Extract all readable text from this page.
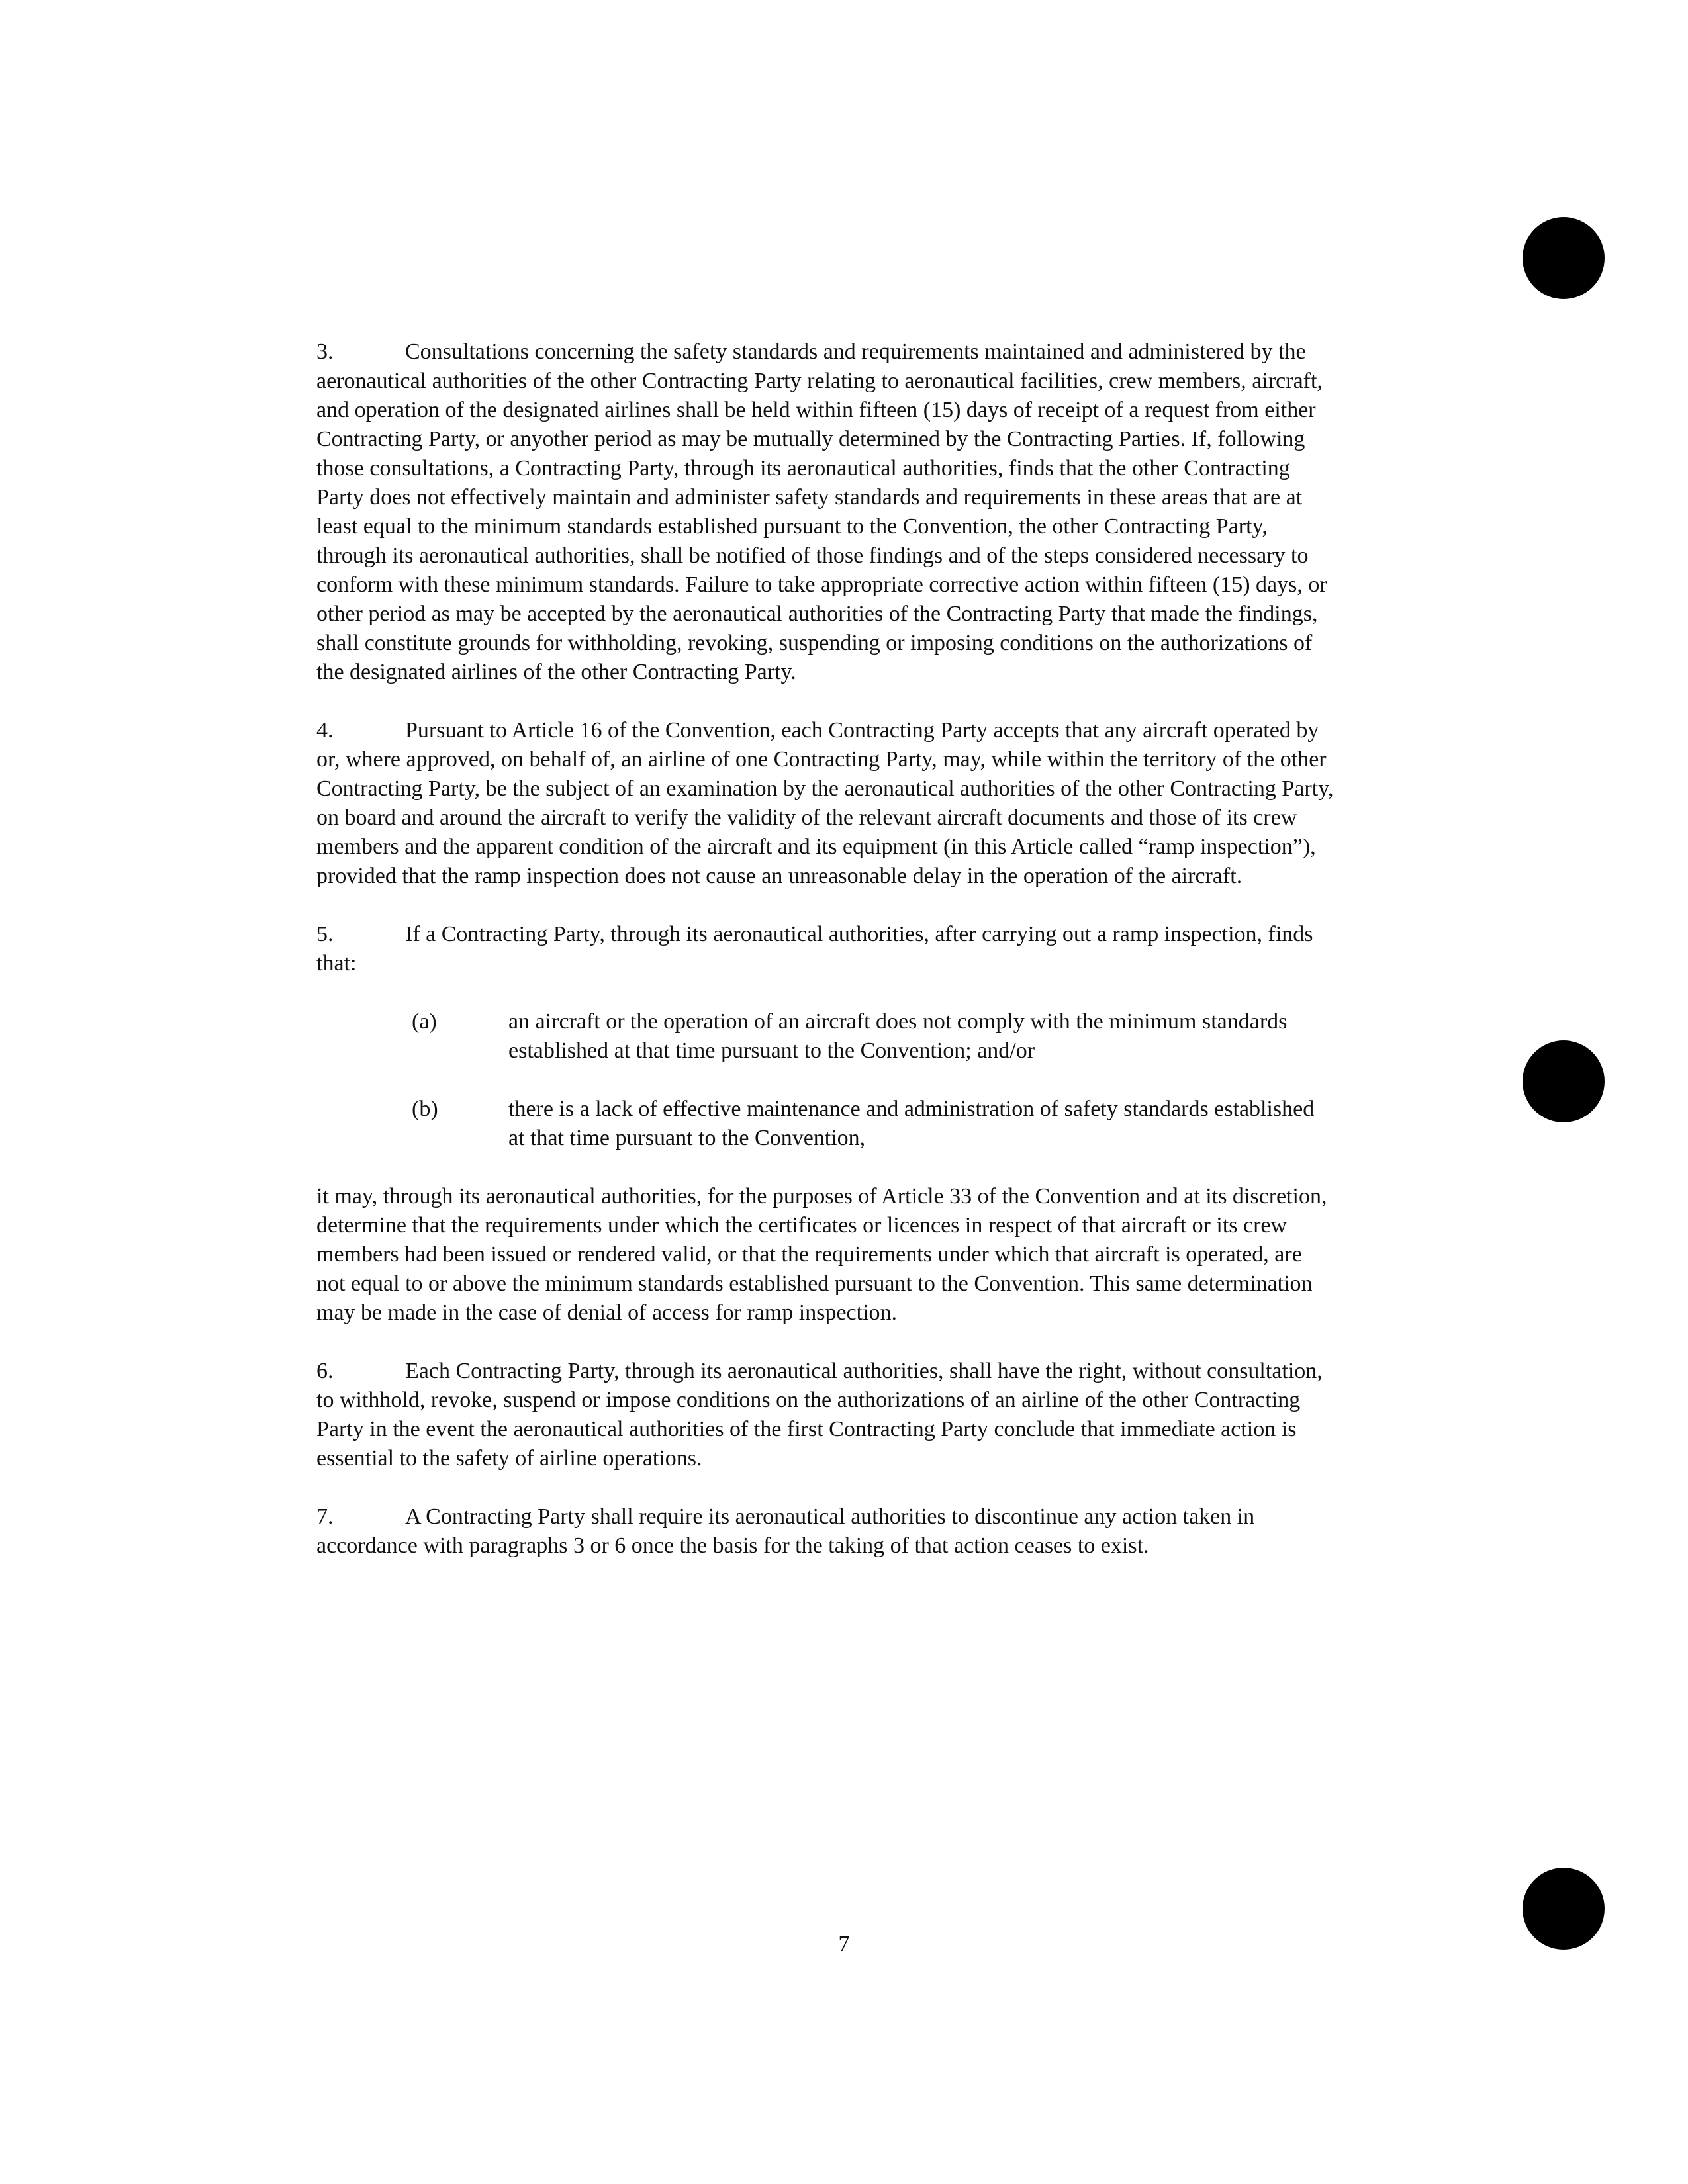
3.	Consultations concerning the safety standards and requirements maintained and administered by the aeronautical authorities of the other Contracting Party relating to aeronautical facilities, crew members, aircraft, and operation of the designated airlines shall be held within fifteen (15) days of receipt of a request from either Contracting Party, or anyother period as may be mutually determined by the Contracting Parties. If, following those consultations, a Contracting Party, through its aeronautical authorities, finds that the other Contracting Party does not effectively maintain and administer safety standards and requirements in these areas that are at least equal to the minimum standards established pursuant to the Convention, the other Contracting Party, through its aeronautical authorities, shall be notified of those findings and of the steps considered necessary to conform with these minimum standards. Failure to take appropriate corrective action within fifteen (15) days, or other period as may be accepted by the aeronautical authorities of the Contracting Party that made the findings, shall constitute grounds for withholding, revoking, suspending or imposing conditions on the authorizations of the designated airlines of the other Contracting Party.

4.	Pursuant to Article 16 of the Convention, each Contracting Party accepts that any aircraft operated by or, where approved, on behalf of, an airline of one Contracting Party, may, while within the territory of the other Contracting Party, be the subject of an examination by the aeronautical authorities of the other Contracting Party, on board and around the aircraft to verify the validity of the relevant aircraft documents and those of its crew members and the apparent condition of the aircraft and its equipment (in this Article called “ramp inspection”), provided that the ramp inspection does not cause an unreasonable delay in the operation of the aircraft.

5.	If a Contracting Party, through its aeronautical authorities, after carrying out a ramp inspection, finds that:

(a)	an aircraft or the operation of an aircraft does not comply with the minimum standards established at that time pursuant to the Convention; and/or
(b)	there is a lack of effective maintenance and administration of safety standards established at that time pursuant to the Convention,

it may, through its aeronautical authorities, for the purposes of Article 33 of the Convention and at its discretion, determine that the requirements under which the certificates or licences in respect of that aircraft or its crew members had been issued or rendered valid, or that the requirements under which that aircraft is operated, are not equal to or above the minimum standards established pursuant to the Convention. This same determination may be made in the case of denial of access for ramp inspection.

6.	Each Contracting Party, through its aeronautical authorities, shall have the right, without consultation, to withhold, revoke, suspend or impose conditions on the authorizations of an airline of the other Contracting Party in the event the aeronautical authorities of the first Contracting Party conclude that immediate action is essential to the safety of airline operations.

7.	A Contracting Party shall require its aeronautical authorities to discontinue any action taken in accordance with paragraphs 3 or 6 once the basis for the taking of that action ceases to exist.

7
